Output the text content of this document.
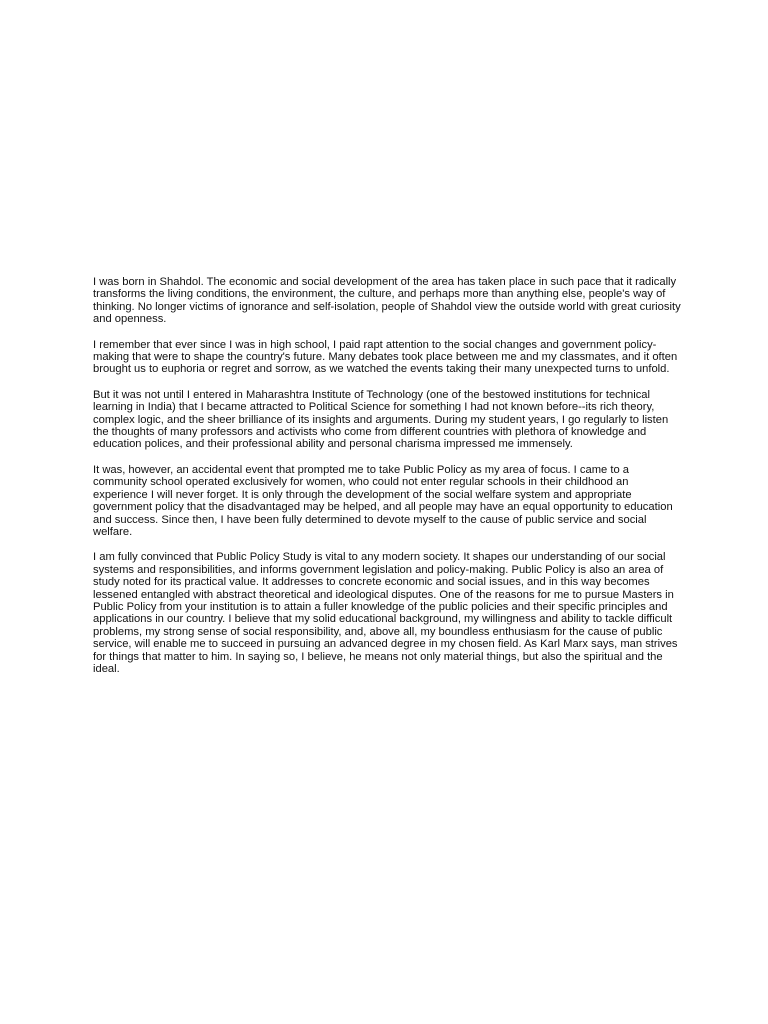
I was born in Shahdol. The economic and social development of the area has taken place in such pace that it radically transforms the living conditions, the environment, the culture, and perhaps more than anything else, people's way of thinking. No longer victims of ignorance and self-isolation, people of Shahdol view the outside world with great curiosity and openness.

I remember that ever since I was in high school, I paid rapt attention to the social changes and government policy-making that were to shape the country's future. Many debates took place between me and my classmates, and it often brought us to euphoria or regret and sorrow, as we watched the events taking their many unexpected turns to unfold.

But it was not until I entered in Maharashtra Institute of Technology (one of the bestowed institutions for technical learning in India) that I became attracted to Political Science for something I had not known before--its rich theory, complex logic, and the sheer brilliance of its insights and arguments. During my student years, I go regularly to listen the thoughts of many professors and activists who come from different countries with plethora of knowledge and education polices, and their professional ability and personal charisma impressed me immensely.

It was, however, an accidental event that prompted me to take Public Policy as my area of focus. I came to a community school operated exclusively for women, who could not enter regular schools in their childhood an experience I will never forget. It is only through the development of the social welfare system and appropriate government policy that the disadvantaged may be helped, and all people may have an equal opportunity to education and success. Since then, I have been fully determined to devote myself to the cause of public service and social welfare.

I am fully convinced that Public Policy Study is vital to any modern society. It shapes our understanding of our social systems and responsibilities, and informs government legislation and policy-making. Public Policy is also an area of study noted for its practical value. It addresses to concrete economic and social issues, and in this way becomes lessened entangled with abstract theoretical and ideological disputes. One of the reasons for me to pursue Masters in Public Policy from your institution is to attain a fuller knowledge of the public policies and their specific principles and applications in our country. I believe that my solid educational background, my willingness and ability to tackle difficult problems, my strong sense of social responsibility, and, above all, my boundless enthusiasm for the cause of public service, will enable me to succeed in pursuing an advanced degree in my chosen field. As Karl Marx says, man strives for things that matter to him. In saying so, I believe, he means not only material things, but also the spiritual and the ideal.
